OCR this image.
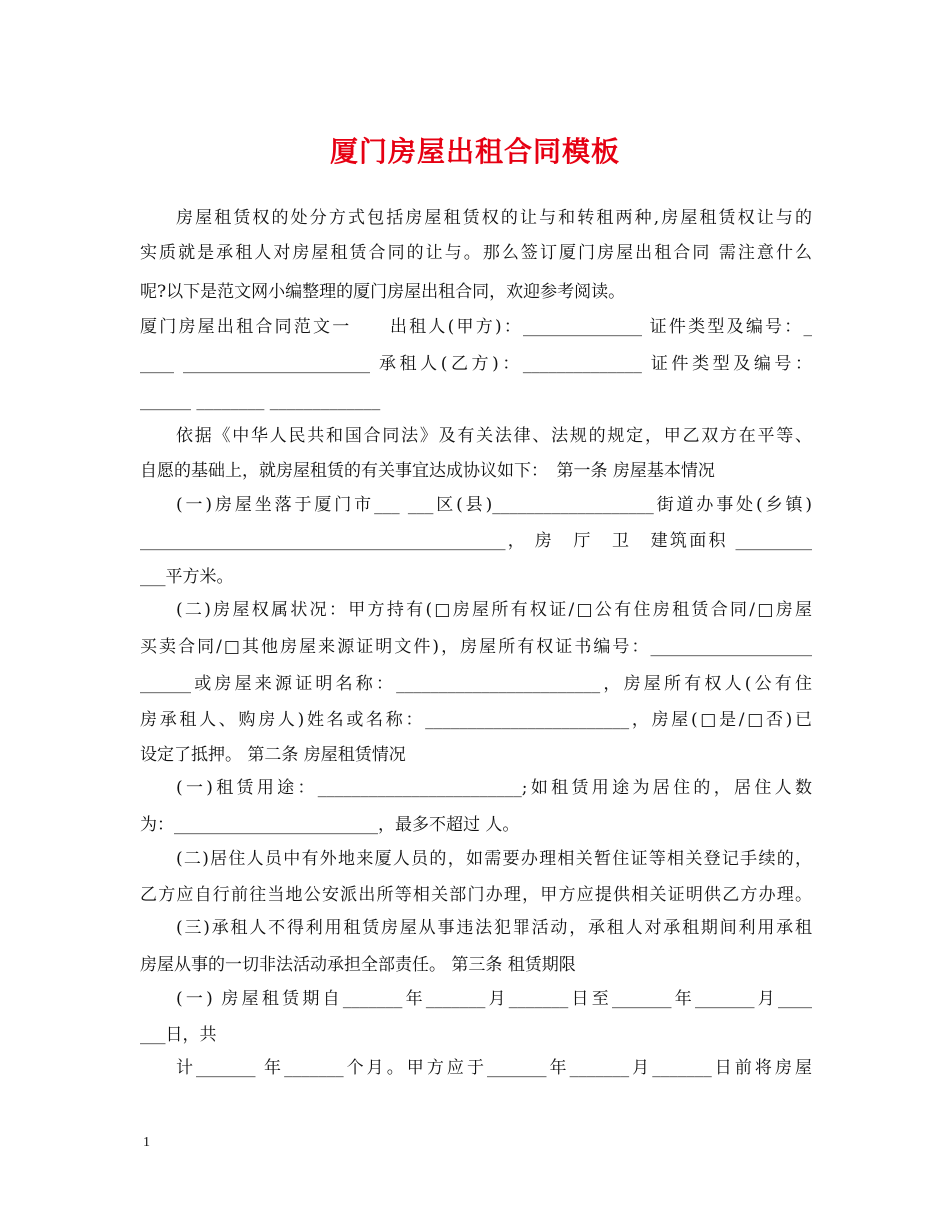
厦门房屋出租合同模板
房屋租赁权的处分方式包括房屋租赁权的让与和转租两种,房屋租赁权让与的
实质就是承租人对房屋租赁合同的让与。那么签订厦门房屋出租合同 需注意什么
呢?以下是范文网小编整理的厦门房屋出租合同，欢迎参考阅读。
厦门房屋出租合同范文一　　出租人(甲方)：______________ 证件类型及编号：_
____ ______________________ 承租人(乙方)：______________ 证件类型及编号：
______ ________ _____________
依据《中华人民共和国合同法》及有关法律、法规的规定，甲乙双方在平等、
自愿的基础上，就房屋租赁的有关事宜达成协议如下：　第一条 房屋基本情况
(一)房屋坐落于厦门市___ ___区(县)___________________街道办事处(乡镇)
___________________________________________， 房　厅　卫　建筑面积 _________
___平方米。
(二)房屋权属状况：甲方持有(□房屋所有权证/□公有住房租赁合同/□房屋
买卖合同/□其他房屋来源证明文件)，房屋所有权证书编号：___________________
______或房屋来源证明名称：________________________，房屋所有权人(公有住
房承租人、购房人)姓名或名称：________________________，房屋(□是/□否)已
设定了抵押。 第二条 房屋租赁情况
(一)租赁用途：________________________;如租赁用途为居住的，居住人数
为：________________________，最多不超过 人。
(二)居住人员中有外地来厦人员的，如需要办理相关暂住证等相关登记手续的，
乙方应自行前往当地公安派出所等相关部门办理，甲方应提供相关证明供乙方办理。
(三)承租人不得利用租赁房屋从事违法犯罪活动，承租人对承租期间利用承租
房屋从事的一切非法活动承担全部责任。 第三条 租赁期限
(一) 房屋租赁期自_______年_______月_______日至_______年_______月____
___日，共
计_______ 年_______个月。甲方应于_______年_______月_______日前将房屋
1
